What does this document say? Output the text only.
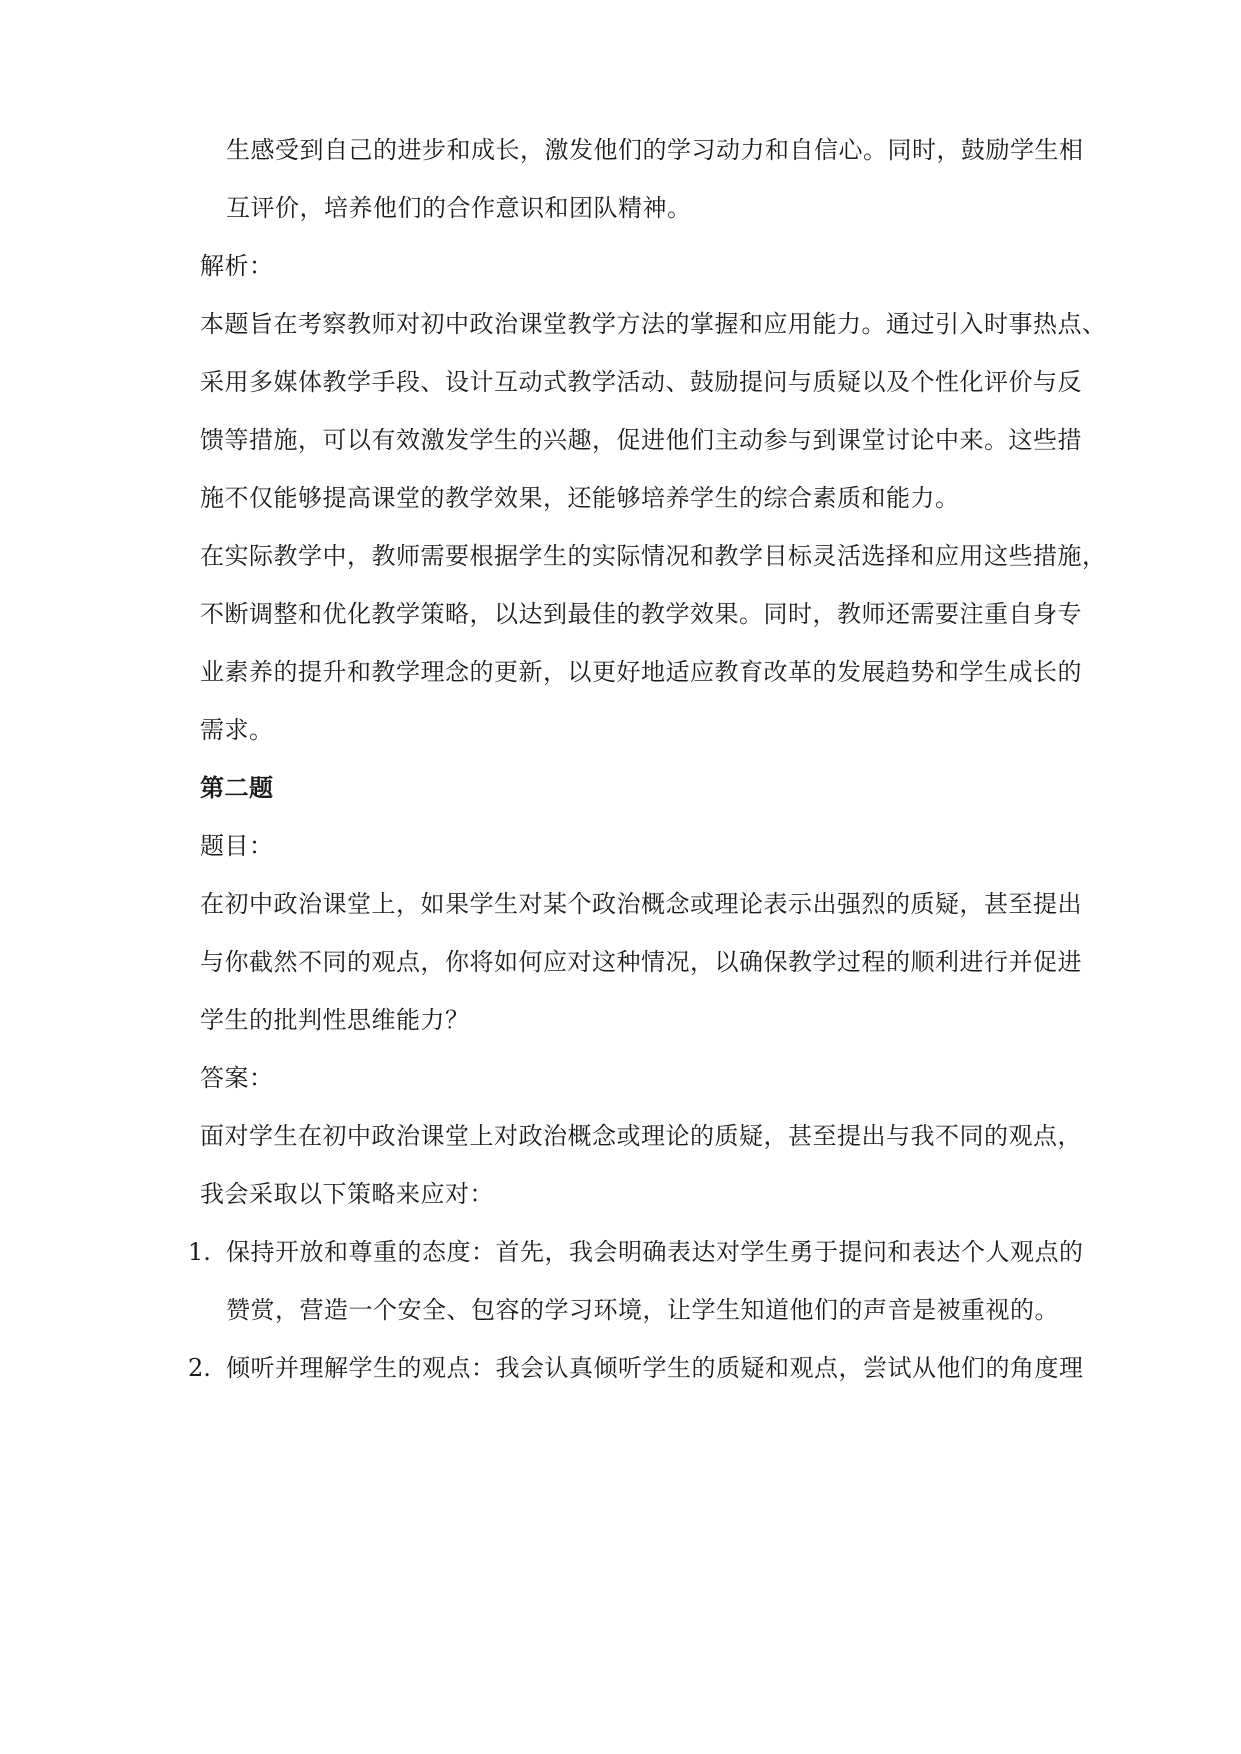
生感受到自己的进步和成长，激发他们的学习动力和自信心。同时，鼓励学生相
互评价，培养他们的合作意识和团队精神。
解析：
本题旨在考察教师对初中政治课堂教学方法的掌握和应用能力。通过引入时事热点、
采用多媒体教学手段、设计互动式教学活动、鼓励提问与质疑以及个性化评价与反
馈等措施，可以有效激发学生的兴趣，促进他们主动参与到课堂讨论中来。这些措
施不仅能够提高课堂的教学效果，还能够培养学生的综合素质和能力。
在实际教学中，教师需要根据学生的实际情况和教学目标灵活选择和应用这些措施，
不断调整和优化教学策略，以达到最佳的教学效果。同时，教师还需要注重自身专
业素养的提升和教学理念的更新，以更好地适应教育改革的发展趋势和学生成长的
需求。
第二题
题目：
在初中政治课堂上，如果学生对某个政治概念或理论表示出强烈的质疑，甚至提出
与你截然不同的观点，你将如何应对这种情况，以确保教学过程的顺利进行并促进
学生的批判性思维能力？
答案：
面对学生在初中政治课堂上对政治概念或理论的质疑，甚至提出与我不同的观点，
我会采取以下策略来应对：
1. 保持开放和尊重的态度：首先，我会明确表达对学生勇于提问和表达个人观点的
赞赏，营造一个安全、包容的学习环境，让学生知道他们的声音是被重视的。
2. 倾听并理解学生的观点：我会认真倾听学生的质疑和观点，尝试从他们的角度理
